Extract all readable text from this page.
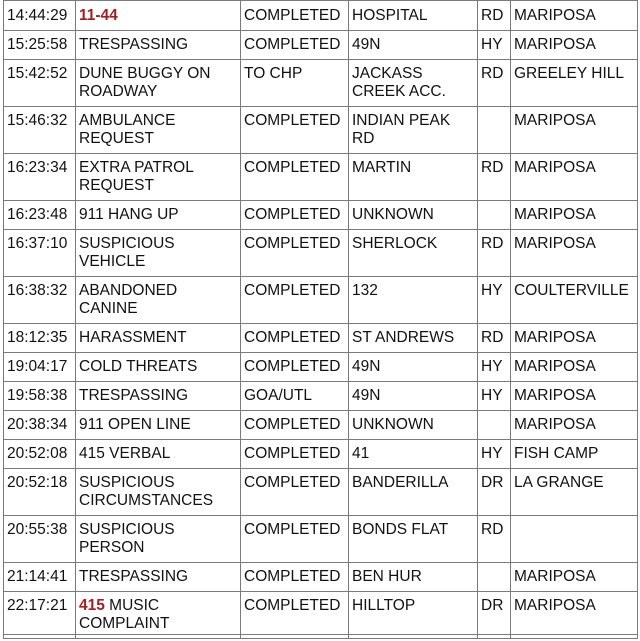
14:44:29	11-44	COMPLETED	HOSPITAL	RD	MARIPOSA
15:25:58	TRESPASSING	COMPLETED	49N	HY	MARIPOSA
15:42:52	DUNE BUGGY ON
ROADWAY	TO CHP	JACKASS
CREEK ACC.	RD	GREELEY HILL
15:46:32	AMBULANCE
REQUEST	COMPLETED	INDIAN PEAK
RD		MARIPOSA
16:23:34	EXTRA PATROL
REQUEST	COMPLETED	MARTIN	RD	MARIPOSA
16:23:48	911 HANG UP	COMPLETED	UNKNOWN		MARIPOSA
16:37:10	SUSPICIOUS
VEHICLE	COMPLETED	SHERLOCK	RD	MARIPOSA
16:38:32	ABANDONED
CANINE	COMPLETED	132	HY	COULTERVILLE
18:12:35	HARASSMENT	COMPLETED	ST ANDREWS	RD	MARIPOSA
19:04:17	COLD THREATS	COMPLETED	49N	HY	MARIPOSA
19:58:38	TRESPASSING	GOA/UTL	49N	HY	MARIPOSA
20:38:34	911 OPEN LINE	COMPLETED	UNKNOWN		MARIPOSA
20:52:08	415 VERBAL	COMPLETED	41	HY	FISH CAMP
20:52:18	SUSPICIOUS
CIRCUMSTANCES	COMPLETED	BANDERILLA	DR	LA GRANGE
20:55:38	SUSPICIOUS
PERSON	COMPLETED	BONDS FLAT	RD	
21:14:41	TRESPASSING	COMPLETED	BEN HUR		MARIPOSA
22:17:21	415 MUSIC
COMPLAINT	COMPLETED	HILLTOP	DR	MARIPOSA
